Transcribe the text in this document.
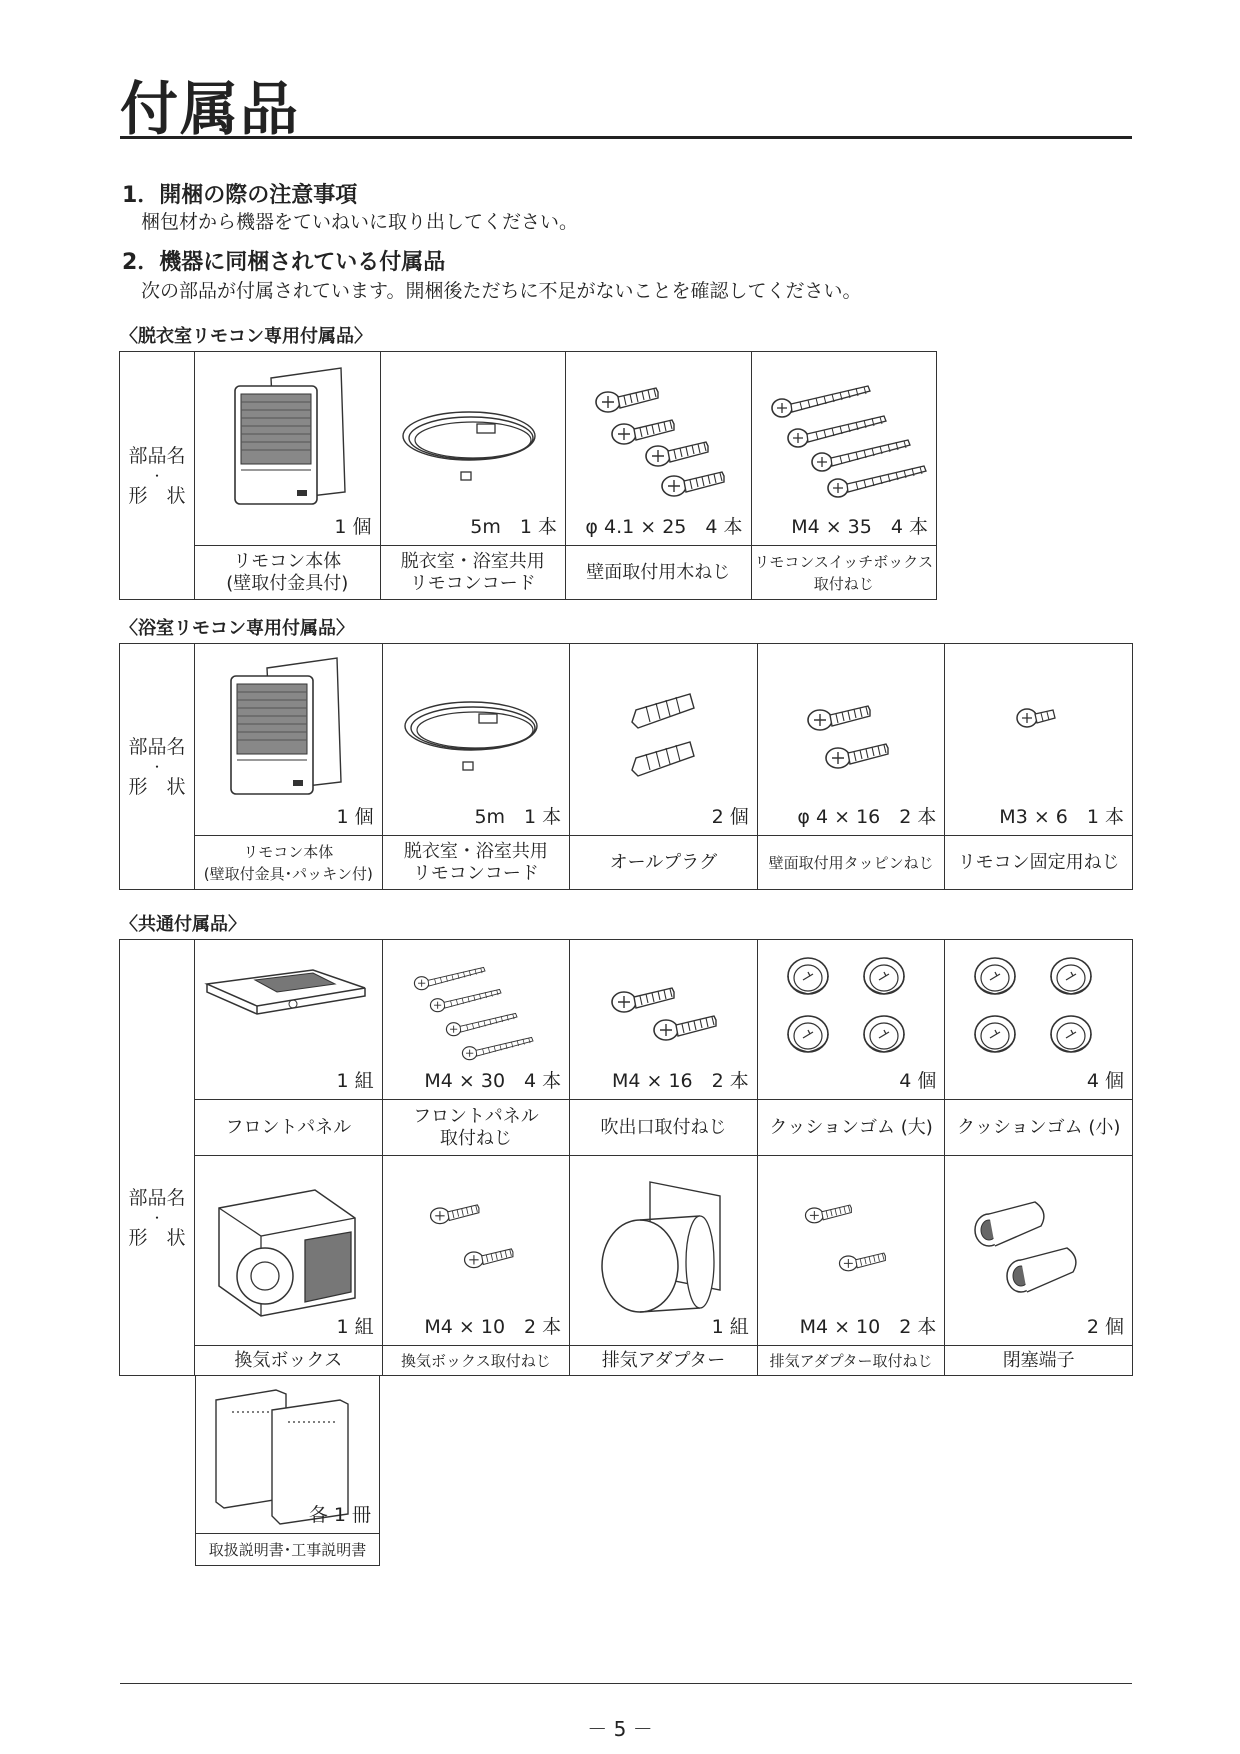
付属品
1．開梱の際の注意事項
梱包材から機器をていねいに取り出してください。
2．機器に同梱されている付属品
次の部品が付属されています。開梱後ただちに不足がないことを確認してください。
〈脱衣室リモコン専用付属品〉
部品名
・
形　状	1 個	5m　1 本	φ 4.1 × 25　4 本	M4 × 35　4 本

	リモコン本体
(壁取付金具付)	脱衣室・浴室共用
リモコンコード	壁面取付用木ねじ	リモコンスイッチボックス
取付ねじ
〈浴室リモコン専用付属品〉
部品名
・
形　状	1 個	5m　1 本	2 個	φ 4 × 16　2 本	M3 × 6　1 本

	リモコン本体
(壁取付金具･パッキン付)	脱衣室・浴室共用
リモコンコード	オールプラグ	壁面取付用タッピンねじ	リモコン固定用ねじ
〈共通付属品〉
部品名
・
形　状	1 組	M4 × 30　4 本	M4 × 16　2 本	4 個	4 個

	フロントパネル	フロントパネル
取付ねじ	吹出口取付ねじ	クッションゴム (大)	クッションゴム (小)

	1 組	M4 × 10　2 本	1 組	M4 × 10　2 本	2 個

	換気ボックス	換気ボックス取付ねじ	排気アダプター	排気アダプター取付ねじ	閉塞端子
各 1 冊

取扱説明書･工事説明書
－ 5 －
